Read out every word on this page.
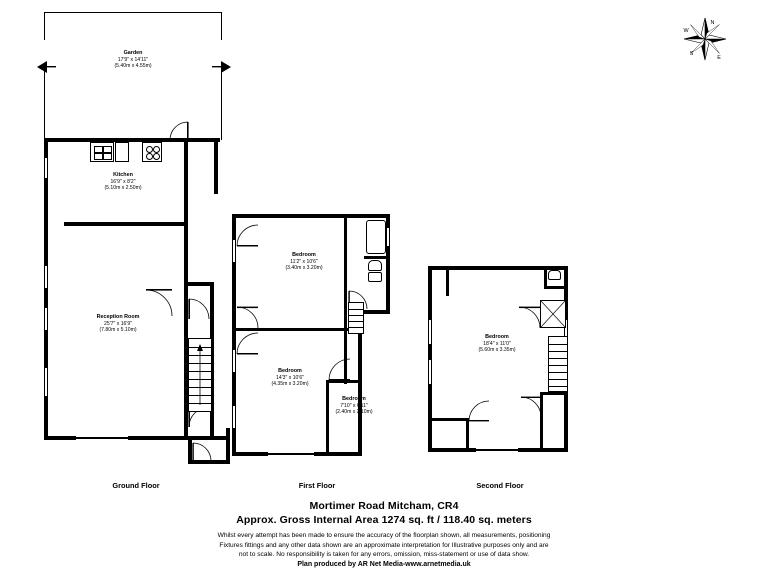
N
E
S
W
Garden
17'9" x 14'11"
(5.40m x 4.55m)
Kitchen
16'9" x 8'2"
(5.10m x 2.50m)
Reception Room
25'7" x 16'9"
(7.80m x 5.10m)
Ground Floor
Bedroom
11'2" x 10'6"
(3.40m x 3.20m)
Bedroom
14'3" x 10'6"
(4.35m x 3.20m)
Bedroom
7'10" x 6'11"
(2.40m x 2.10m)
First Floor
Bedroom
18'4" x 11'0"
(5.60m x 3.35m)
Second Floor
Mortimer Road Mitcham, CR4
Approx. Gross Internal Area 1274 sq. ft / 118.40 sq. meters
Whilst every attempt has been made to ensure the accuracy of the floorplan shown, all measurements, positioning
Fixtures fittings and any other data shown are an approximate interpretation for Illustrative purposes only and are
not to scale. No responsibility is taken for any errors, omission, miss-statement or use of data show.
Plan produced by AR Net Media-www.arnetmedia.uk
